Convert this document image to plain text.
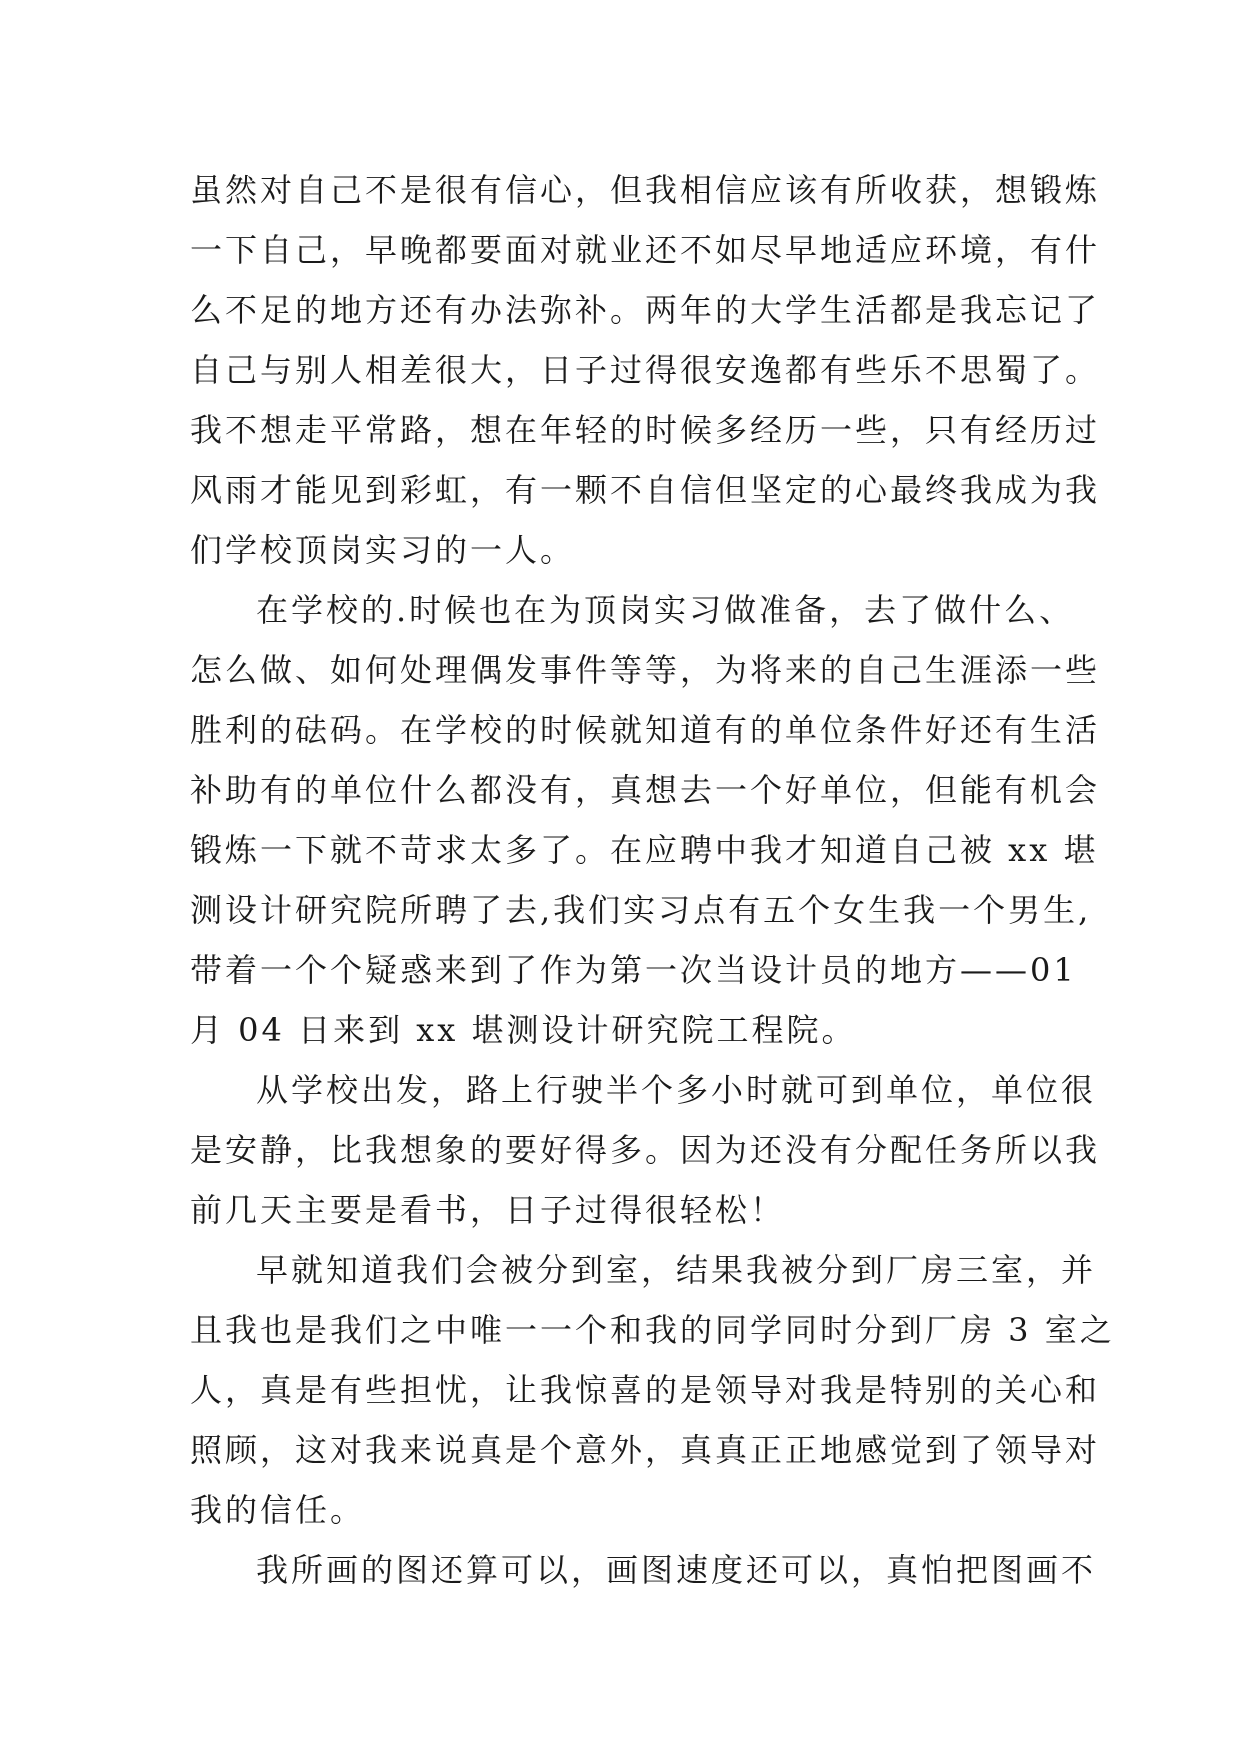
虽然对自己不是很有信心，但我相信应该有所收获，想锻炼
一下自己，早晚都要面对就业还不如尽早地适应环境，有什
么不足的地方还有办法弥补。两年的大学生活都是我忘记了
自己与别人相差很大，日子过得很安逸都有些乐不思蜀了。
我不想走平常路，想在年轻的时候多经历一些，只有经历过
风雨才能见到彩虹，有一颗不自信但坚定的心最终我成为我
们学校顶岗实习的一人。
在学校的.时候也在为顶岗实习做准备，去了做什么、
怎么做、如何处理偶发事件等等，为将来的自己生涯添一些
胜利的砝码。在学校的时候就知道有的单位条件好还有生活
补助有的单位什么都没有，真想去一个好单位，但能有机会
锻炼一下就不苛求太多了。在应聘中我才知道自己被 xx 堪
测设计研究院所聘了去,我们实习点有五个女生我一个男生,
带着一个个疑惑来到了作为第一次当设计员的地方——01
月 04 日来到 xx 堪测设计研究院工程院。
从学校出发，路上行驶半个多小时就可到单位，单位很
是安静，比我想象的要好得多。因为还没有分配任务所以我
前几天主要是看书，日子过得很轻松！
早就知道我们会被分到室，结果我被分到厂房三室，并
且我也是我们之中唯一一个和我的同学同时分到厂房 3 室之
人，真是有些担忧，让我惊喜的是领导对我是特别的关心和
照顾，这对我来说真是个意外，真真正正地感觉到了领导对
我的信任。
我所画的图还算可以，画图速度还可以，真怕把图画不
